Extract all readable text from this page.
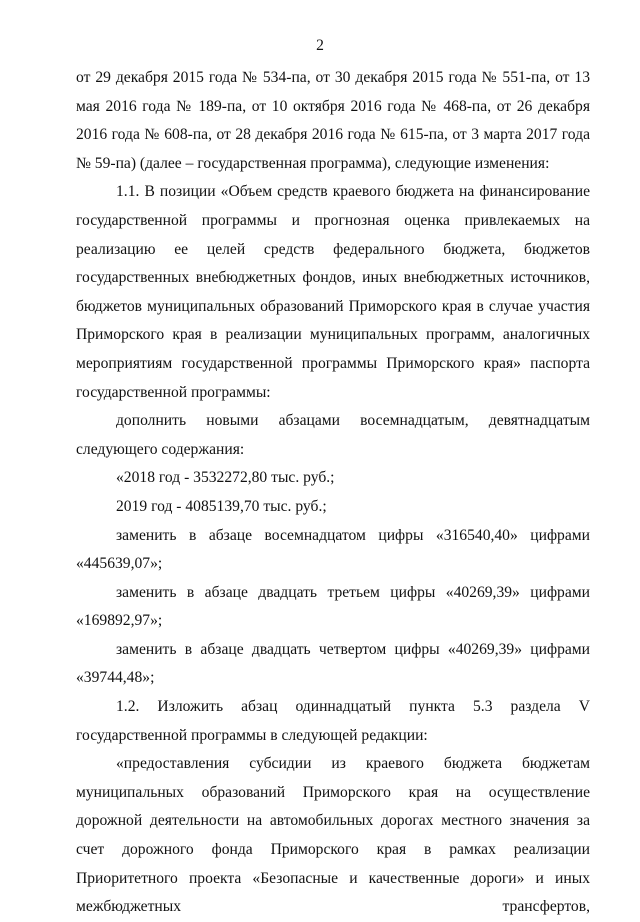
2

от 29 декабря 2015 года № 534-па, от 30 декабря 2015 года № 551-па, от 13 мая 2016 года № 189-па, от 10 октября 2016 года № 468-па, от 26 декабря 2016 года № 608-па, от 28 декабря 2016 года № 615-па, от 3 марта 2017 года № 59-па) (далее – государственная программа), следующие изменения:

1.1. В позиции «Объем средств краевого бюджета на финансирование государственной программы и прогнозная оценка привлекаемых на реализацию ее целей средств федерального бюджета, бюджетов государственных внебюджетных фондов, иных внебюджетных источников, бюджетов муниципальных образований Приморского края в случае участия Приморского края в реализации муниципальных программ, аналогичных мероприятиям государственной программы Приморского края» паспорта государственной программы:

дополнить новыми абзацами восемнадцатым, девятнадцатым следующего содержания:

«2018 год - 3532272,80 тыс. руб.;

2019 год - 4085139,70 тыс. руб.;

заменить в абзаце восемнадцатом цифры «316540,40» цифрами «445639,07»;

заменить в абзаце двадцать третьем цифры «40269,39» цифрами «169892,97»;

заменить в абзаце двадцать четвертом цифры «40269,39» цифрами «39744,48»;

1.2. Изложить абзац одиннадцатый пункта 5.3 раздела V государственной программы в следующей редакции:

«предоставления субсидии из краевого бюджета бюджетам муниципальных образований Приморского края на осуществление дорожной деятельности на автомобильных дорогах местного значения за счет дорожного фонда Приморского края в рамках реализации Приоритетного проекта «Безопасные и качественные дороги» и иных межбюджетных трансфертов,
